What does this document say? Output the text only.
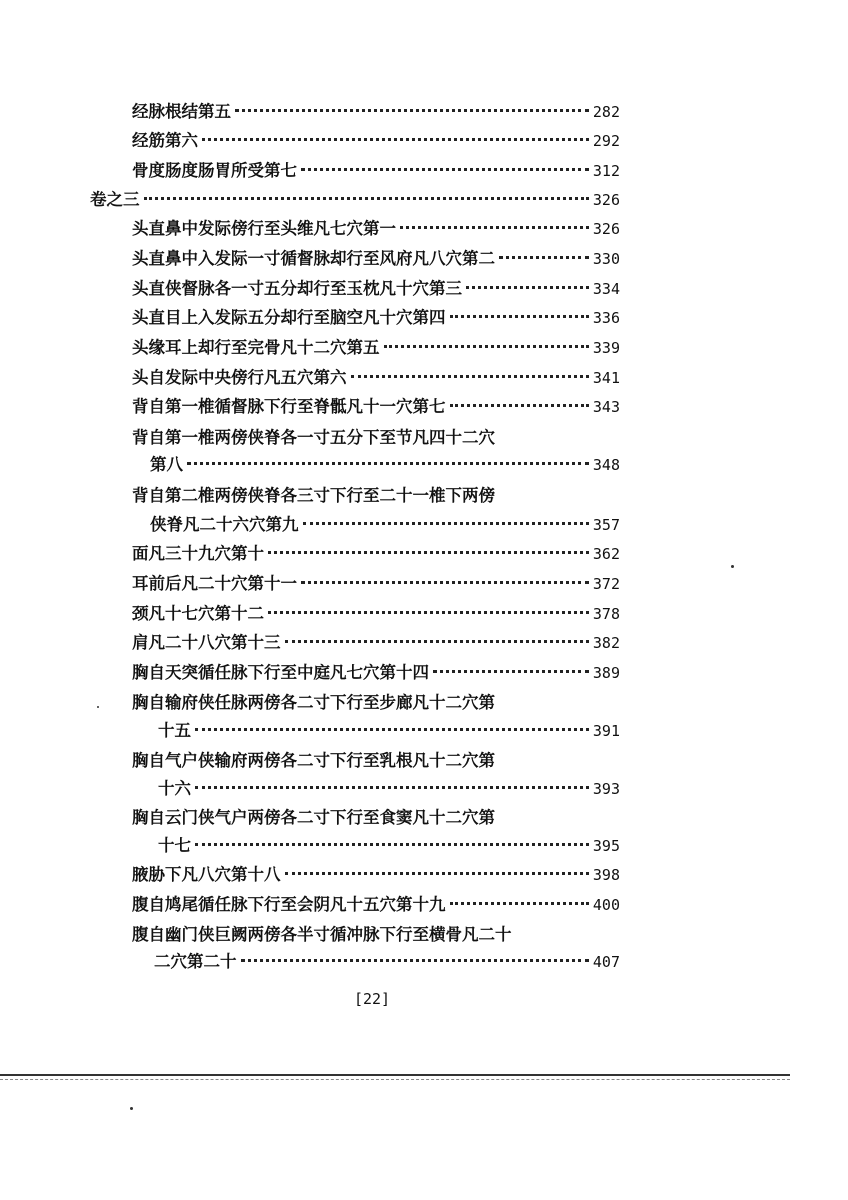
经脉根结第五	282
经筋第六	292
骨度肠度肠胃所受第七	312
卷之三	326
头直鼻中发际傍行至头维凡七穴第一	326
头直鼻中入发际一寸循督脉却行至风府凡八穴第二	330
头直侠督脉各一寸五分却行至玉枕凡十穴第三	334
头直目上入发际五分却行至脑空凡十穴第四	336
头缘耳上却行至完骨凡十二穴第五	339
头自发际中央傍行凡五穴第六	341
背自第一椎循督脉下行至脊骶凡十一穴第七	343
背自第一椎两傍侠脊各一寸五分下至节凡四十二穴
第八	348
背自第二椎两傍侠脊各三寸下行至二十一椎下两傍
侠脊凡二十六穴第九	357
面凡三十九穴第十	362
耳前后凡二十穴第十一	372
颈凡十七穴第十二	378
肩凡二十八穴第十三	382
胸自天突循任脉下行至中庭凡七穴第十四	389
胸自输府侠任脉两傍各二寸下行至步廊凡十二穴第
十五	391
胸自气户侠输府两傍各二寸下行至乳根凡十二穴第
十六	393
胸自云门侠气户两傍各二寸下行至食窦凡十二穴第
十七	395
腋胁下凡八穴第十八	398
腹自鸠尾循任脉下行至会阴凡十五穴第十九	400
腹自幽门侠巨阙两傍各半寸循冲脉下行至横骨凡二十
二穴第二十	407
[22]
